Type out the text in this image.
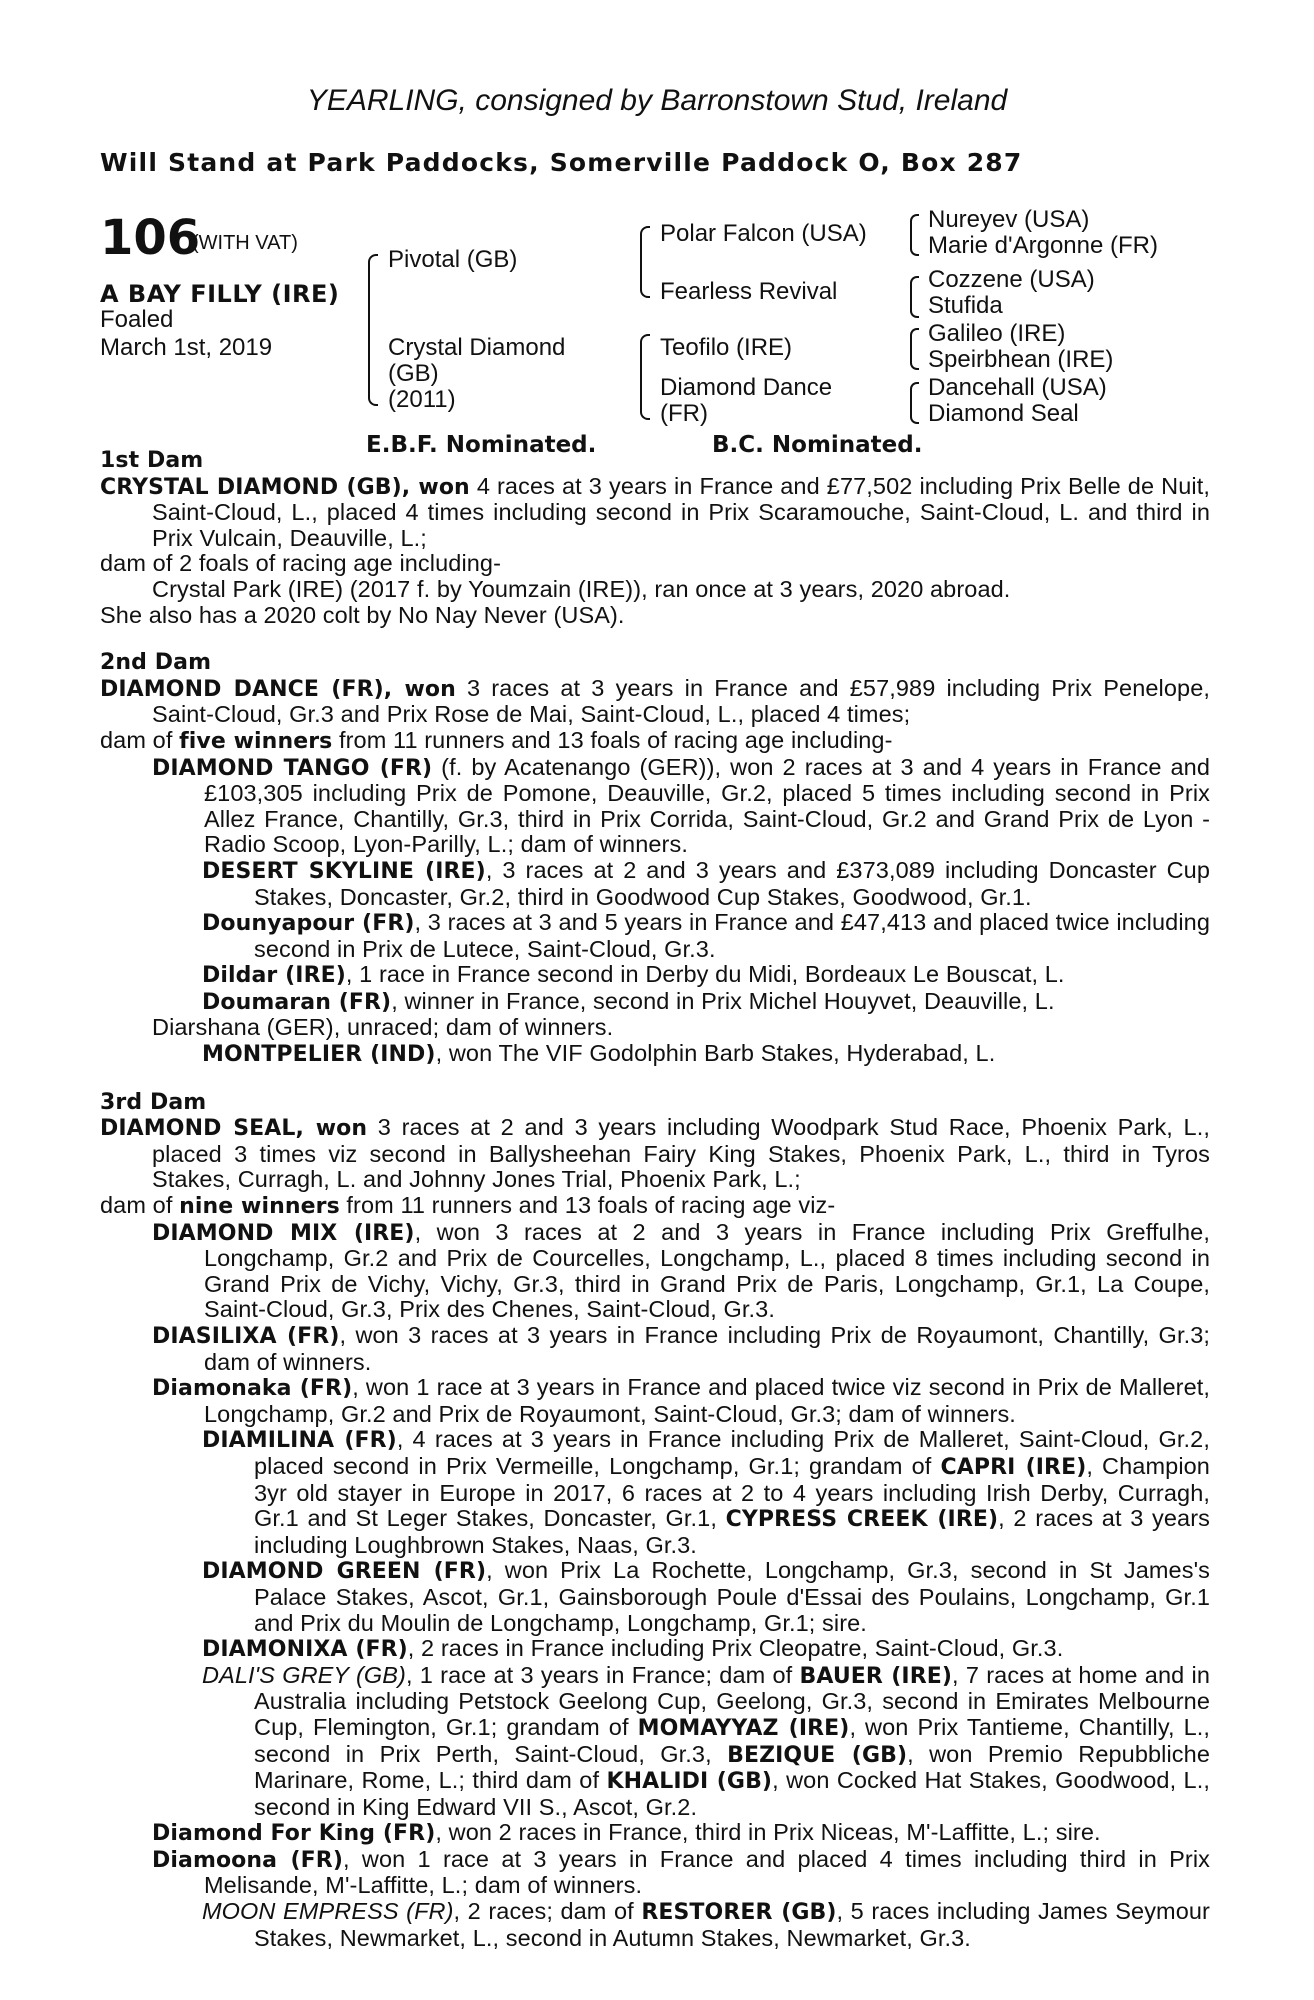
YEARLING, consigned by Barronstown Stud, Ireland
Will Stand at Park Paddocks, Somerville Paddock O, Box 287
106
(WITH VAT)
A BAY FILLY (IRE)
Foaled
March 1st, 2019
Pivotal (GB)
Crystal Diamond
(GB)
(2011)
Polar Falcon (USA)
Fearless Revival
Teofilo (IRE)
Diamond Dance
(FR)
Nureyev (USA)
Marie d'Argonne (FR)
Cozzene (USA)
Stufida
Galileo (IRE)
Speirbhean (IRE)
Dancehall (USA)
Diamond Seal
E.B.F. Nominated.	B.C. Nominated.
1st Dam
CRYSTAL DIAMOND (GB), won 4 races at 3 years in France and £77,502 including Prix Belle de Nuit, Saint-Cloud, L., placed 4 times including second in Prix Scaramouche, Saint-Cloud, L. and third in Prix Vulcain, Deauville, L.;
dam of 2 foals of racing age including-
Crystal Park (IRE) (2017 f. by Youmzain (IRE)), ran once at 3 years, 2020 abroad.
She also has a 2020 colt by No Nay Never (USA).
2nd Dam
DIAMOND DANCE (FR), won 3 races at 3 years in France and £57,989 including Prix Penelope, Saint-Cloud, Gr.3 and Prix Rose de Mai, Saint-Cloud, L., placed 4 times;
dam of five winners from 11 runners and 13 foals of racing age including-
DIAMOND TANGO (FR) (f. by Acatenango (GER)), won 2 races at 3 and 4 years in France and £103,305 including Prix de Pomone, Deauville, Gr.2, placed 5 times including second in Prix Allez France, Chantilly, Gr.3, third in Prix Corrida, Saint-Cloud, Gr.2 and Grand Prix de Lyon - Radio Scoop, Lyon-Parilly, L.; dam of winners.
DESERT SKYLINE (IRE), 3 races at 2 and 3 years and £373,089 including Doncaster Cup Stakes, Doncaster, Gr.2, third in Goodwood Cup Stakes, Goodwood, Gr.1.
Dounyapour (FR), 3 races at 3 and 5 years in France and £47,413 and placed twice including second in Prix de Lutece, Saint-Cloud, Gr.3.
Dildar (IRE), 1 race in France second in Derby du Midi, Bordeaux Le Bouscat, L.
Doumaran (FR), winner in France, second in Prix Michel Houyvet, Deauville, L.
Diarshana (GER), unraced; dam of winners.
MONTPELIER (IND), won The VIF Godolphin Barb Stakes, Hyderabad, L.
3rd Dam
DIAMOND SEAL, won 3 races at 2 and 3 years including Woodpark Stud Race, Phoenix Park, L., placed 3 times viz second in Ballysheehan Fairy King Stakes, Phoenix Park, L., third in Tyros Stakes, Curragh, L. and Johnny Jones Trial, Phoenix Park, L.;
dam of nine winners from 11 runners and 13 foals of racing age viz-
DIAMOND MIX (IRE), won 3 races at 2 and 3 years in France including Prix Greffulhe, Longchamp, Gr.2 and Prix de Courcelles, Longchamp, L., placed 8 times including second in Grand Prix de Vichy, Vichy, Gr.3, third in Grand Prix de Paris, Longchamp, Gr.1, La Coupe, Saint-Cloud, Gr.3, Prix des Chenes, Saint-Cloud, Gr.3.
DIASILIXA (FR), won 3 races at 3 years in France including Prix de Royaumont, Chantilly, Gr.3; dam of winners.
Diamonaka (FR), won 1 race at 3 years in France and placed twice viz second in Prix de Malleret, Longchamp, Gr.2 and Prix de Royaumont, Saint-Cloud, Gr.3; dam of winners.
DIAMILINA (FR), 4 races at 3 years in France including Prix de Malleret, Saint-Cloud, Gr.2, placed second in Prix Vermeille, Longchamp, Gr.1; grandam of CAPRI (IRE), Champion 3yr old stayer in Europe in 2017, 6 races at 2 to 4 years including Irish Derby, Curragh, Gr.1 and St Leger Stakes, Doncaster, Gr.1, CYPRESS CREEK (IRE), 2 races at 3 years including Loughbrown Stakes, Naas, Gr.3.
DIAMOND GREEN (FR), won Prix La Rochette, Longchamp, Gr.3, second in St James's Palace Stakes, Ascot, Gr.1, Gainsborough Poule d'Essai des Poulains, Longchamp, Gr.1 and Prix du Moulin de Longchamp, Longchamp, Gr.1; sire.
DIAMONIXA (FR), 2 races in France including Prix Cleopatre, Saint-Cloud, Gr.3.
DALI'S GREY (GB), 1 race at 3 years in France; dam of BAUER (IRE), 7 races at home and in Australia including Petstock Geelong Cup, Geelong, Gr.3, second in Emirates Melbourne Cup, Flemington, Gr.1; grandam of MOMAYYAZ (IRE), won Prix Tantieme, Chantilly, L., second in Prix Perth, Saint-Cloud, Gr.3, BEZIQUE (GB), won Premio Repubbliche Marinare, Rome, L.; third dam of KHALIDI (GB), won Cocked Hat Stakes, Goodwood, L., second in King Edward VII S., Ascot, Gr.2.
Diamond For King (FR), won 2 races in France, third in Prix Niceas, M'-Laffitte, L.; sire.
Diamoona (FR), won 1 race at 3 years in France and placed 4 times including third in Prix Melisande, M'-Laffitte, L.; dam of winners.
MOON EMPRESS (FR), 2 races; dam of RESTORER (GB), 5 races including James Seymour Stakes, Newmarket, L., second in Autumn Stakes, Newmarket, Gr.3.
